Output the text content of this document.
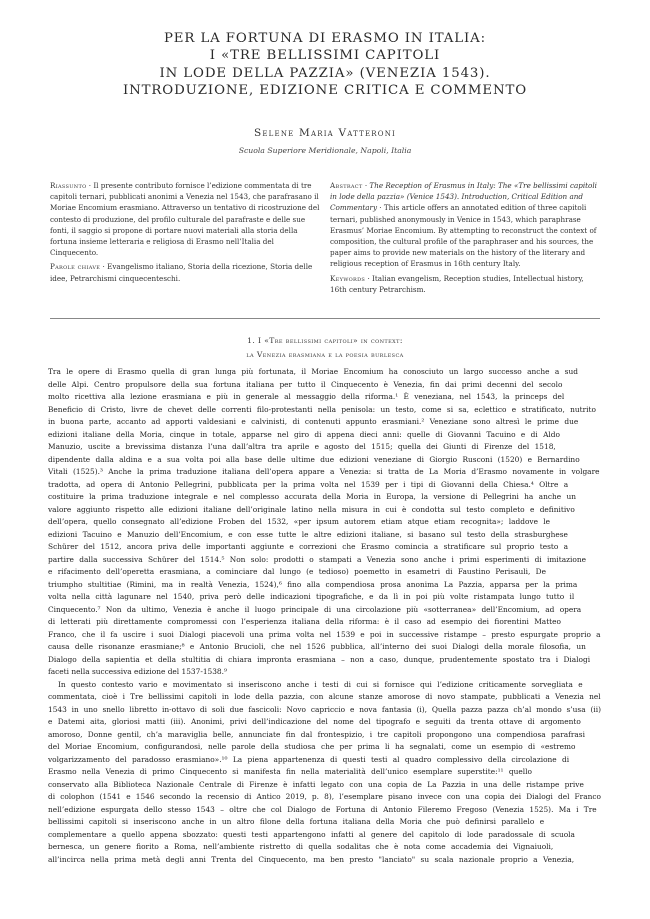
PER LA FORTUNA DI ERASMO IN ITALIA:
I «TRE BELLISSIMI CAPITOLI
IN LODE DELLA PAZZIA» (VENEZIA 1543).
INTRODUZIONE, EDIZIONE CRITICA E COMMENTO
Selene Maria Vatteroni
Scuola Superiore Meridionale, Napoli, Italia

Riassunto · Il presente contributo fornisce l’edizione commentata di tre capitoli ternari, pubblicati anonimi a Venezia nel 1543, che parafrasano il Moriae Encomium erasmiano. Attraverso un tentativo di ricostruzione del contesto di produzione, del profilo culturale del parafraste e delle sue fonti, il saggio si propone di portare nuovi materiali alla storia della fortuna insieme letteraria e religiosa di Erasmo nell’Italia del Cinquecento.

Parole chiave · Evangelismo italiano, Storia della ricezione, Storia delle idee, Petrarchismi cinquecenteschi.

Abstract · The Reception of Erasmus in Italy: The «Tre bellissimi capitoli in lode della pazzia» (Venice 1543). Introduction, Critical Edition and Commentary · This article offers an annotated edition of three capitoli ternari, published anonymously in Venice in 1543, which paraphrase Erasmus’ Moriae Encomium. By attempting to reconstruct the context of composition, the cultural profile of the paraphraser and his sources, the paper aims to provide new materials on the history of the literary and religious reception of Erasmus in 16th century Italy.

Keywords · Italian evangelism, Reception studies, Intellectual history, 16th century Petrarchism.

1. I «Tre bellissimi capitoli» in context:
la Venezia erasmiana e la poesia burlesca
Tra le opere di Erasmo quella di gran lunga più fortunata, il Moriae Encomium ha conosciuto un largo successo anche a sud
delle Alpi. Centro propulsore della sua fortuna italiana per tutto il Cinquecento è Venezia, fin dai primi decenni del secolo
molto ricettiva alla lezione erasmiana e più in generale al messaggio della riforma.¹ È veneziana, nel 1543, la princeps del
Beneficio di Cristo, livre de chevet delle correnti filo-protestanti nella penisola: un testo, come si sa, eclettico e stratificato, nutrito
in buona parte, accanto ad apporti valdesiani e calvinisti, di contenuti appunto erasmiani.² Veneziane sono altresì le prime due
edizioni italiane della Moria, cinque in totale, apparse nel giro di appena dieci anni: quelle di Giovanni Tacuino e di Aldo
Manuzio, uscite a brevissima distanza l’una dall’altra tra aprile e agosto del 1515; quella dei Giunti di Firenze del 1518,
dipendente dalla aldina e a sua volta poi alla base delle ultime due edizioni veneziane di Giorgio Rusconi (1520) e Bernardino
Vitali (1525).³ Anche la prima traduzione italiana dell’opera appare a Venezia: si tratta de La Moria d’Erasmo novamente in volgare
tradotta, ad opera di Antonio Pellegrini, pubblicata per la prima volta nel 1539 per i tipi di Giovanni della Chiesa.⁴ Oltre a
costituire la prima traduzione integrale e nel complesso accurata della Moria in Europa, la versione di Pellegrini ha anche un
valore aggiunto rispetto alle edizioni italiane dell’originale latino nella misura in cui è condotta sul testo completo e definitivo
dell’opera, quello consegnato all’edizione Froben del 1532, «per ipsum autorem etiam atque etiam recognita»; laddove le
edizioni Tacuino e Manuzio dell’Encomium, e con esse tutte le altre edizioni italiane, si basano sul testo della strasburghese
Schürer del 1512, ancora priva delle importanti aggiunte e correzioni che Erasmo comincia a stratificare sul proprio testo a
partire dalla successiva Schürer del 1514.⁵ Non solo: prodotti o stampati a Venezia sono anche i primi esperimenti di imitazione
e rifacimento dell’operetta erasmiana, a cominciare dal lungo (e tedioso) poemetto in esametri di Faustino Perisauli, De
triumpho stultitiae (Rimini, ma in realtà Venezia, 1524),⁶ fino alla compendiosa prosa anonima La Pazzia, apparsa per la prima
volta nella città lagunare nel 1540, priva però delle indicazioni tipografiche, e da lì in poi più volte ristampata lungo tutto il
Cinquecento.⁷ Non da ultimo, Venezia è anche il luogo principale di una circolazione più «sotterranea» dell’Encomium, ad opera
di letterati più direttamente compromessi con l’esperienza italiana della riforma: è il caso ad esempio dei fiorentini Matteo
Franco, che il fa uscire i suoi Dialogi piacevoli una prima volta nel 1539 e poi in successive ristampe – presto espurgate proprio a
causa delle risonanze erasmiane;⁸ e Antonio Brucioli, che nel 1526 pubblica, all’interno dei suoi Dialogi della morale filosofia, un
Dialogo della sapientia et della stultitia di chiara impronta erasmiana – non a caso, dunque, prudentemente spostato tra i Dialogi
faceti nella successiva edizione del 1537-1538.⁹
In questo contesto vario e movimentato si inseriscono anche i testi di cui si fornisce qui l’edizione criticamente sorvegliata e
commentata, cioè i Tre bellissimi capitoli in lode della pazzia, con alcune stanze amorose di novo stampate, pubblicati a Venezia nel
1543 in uno snello libretto in-ottavo di soli due fascicoli: Novo capriccio e nova fantasia (i), Quella pazza pazza ch’al mondo s’usa (ii)
e Datemi aita, gloriosi matti (iii). Anonimi, privi dell’indicazione del nome del tipografo e seguiti da trenta ottave di argomento
amoroso, Donne gentil, ch’a maraviglia belle, annunciate fin dal frontespizio, i tre capitoli propongono una compendiosa parafrasi
del Moriae Encomium, configurandosi, nelle parole della studiosa che per prima li ha segnalati, come un esempio di «estremo
volgarizzamento del paradosso erasmiano».¹⁰ La piena appartenenza di questi testi al quadro complessivo della circolazione di
Erasmo nella Venezia di primo Cinquecento si manifesta fin nella materialità dell’unico esemplare superstite:¹¹ quello
conservato alla Biblioteca Nazionale Centrale di Firenze è infatti legato con una copia de La Pazzia in una delle ristampe prive
di colophon (1541 e 1546 secondo la recensio di Antico 2019, p. 8), l’esemplare pisano invece con una copia dei Dialogi del Franco
nell’edizione espurgata dello stesso 1543 – oltre che col Dialogo de Fortuna di Antonio Fileremo Fregoso (Venezia 1525). Ma i Tre
bellissimi capitoli si inseriscono anche in un altro filone della fortuna italiana della Moria che può definirsi parallelo e
complementare a quello appena sbozzato: questi testi appartengono infatti al genere del capitolo di lode paradossale di scuola
bernesca, un genere fiorito a Roma, nell’ambiente ristretto di quella sodalitas che è nota come accademia dei Vignaiuoli,
all’incirca nella prima metà degli anni Trenta del Cinquecento, ma ben presto "lanciato" su scala nazionale proprio a Venezia,
